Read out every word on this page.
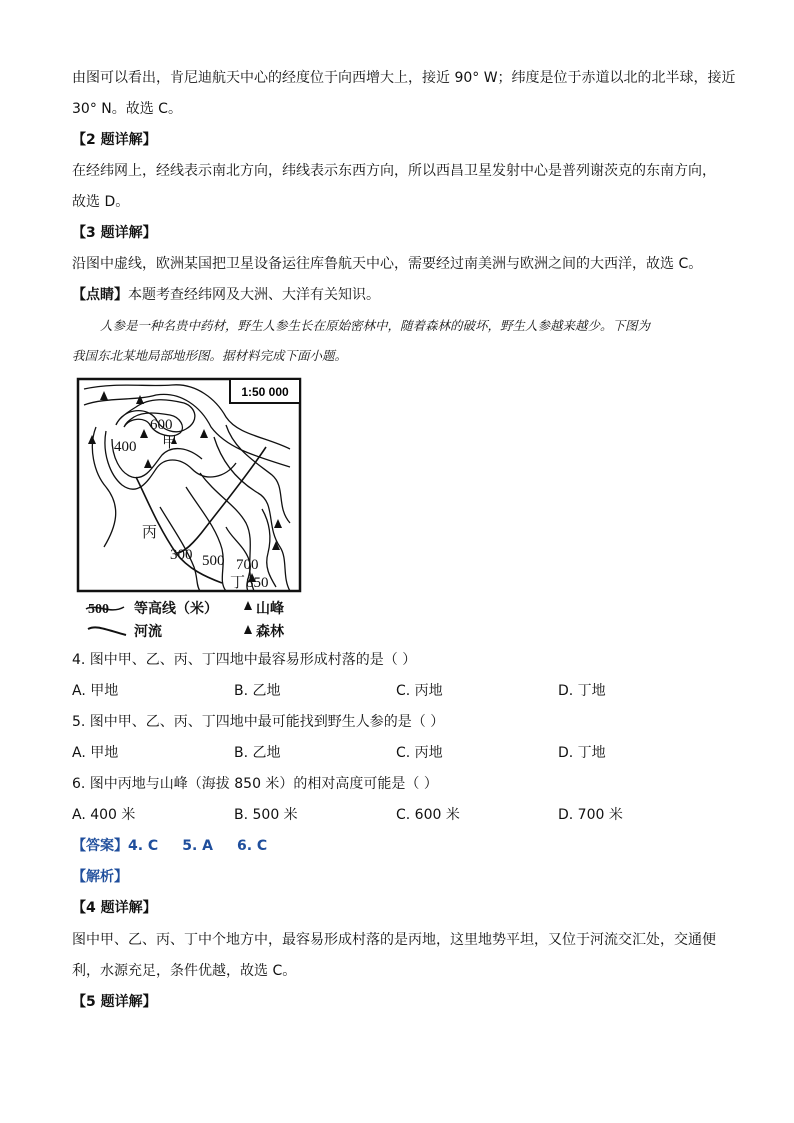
由图可以看出，肯尼迪航天中心的经度位于向西增大上，接近 90° W；纬度是位于赤道以北的北半球，接近
30° N。故选 C。
【2 题详解】
在经纬网上，经线表示南北方向，纬线表示东西方向，所以西昌卫星发射中心是普列谢茨克的东南方向，
故选 D。
【3 题详解】
沿图中虚线，欧洲某国把卫星设备运往库鲁航天中心，需要经过南美洲与欧洲之间的大西洋，故选 C。
【点睛】本题考查经纬网及大洲、大洋有关知识。
人参是一种名贵中药材，野生人参生长在原始密林中，随着森林的破坏，野生人参越来越少。下图为
我国东北某地局部地形图。据材料完成下面小题。
1:50 000
600
400 甲
丙
300 500 700
丁 850
500 等高线（米）	山峰
河流	森林
4. 图中甲、乙、丙、丁四地中最容易形成村落的是（ ）
A. 甲地	B. 乙地	C. 丙地	D. 丁地
5. 图中甲、乙、丙、丁四地中最可能找到野生人参的是（ ）
A. 甲地	B. 乙地	C. 丙地	D. 丁地
6. 图中丙地与山峰（海拔 850 米）的相对高度可能是（ ）
A. 400 米	B. 500 米	C. 600 米	D. 700 米
【答案】4. C 5. A 6. C
【解析】
【4 题详解】
图中甲、乙、丙、丁中个地方中，最容易形成村落的是丙地，这里地势平坦，又位于河流交汇处，交通便
利，水源充足，条件优越，故选 C。
【5 题详解】
